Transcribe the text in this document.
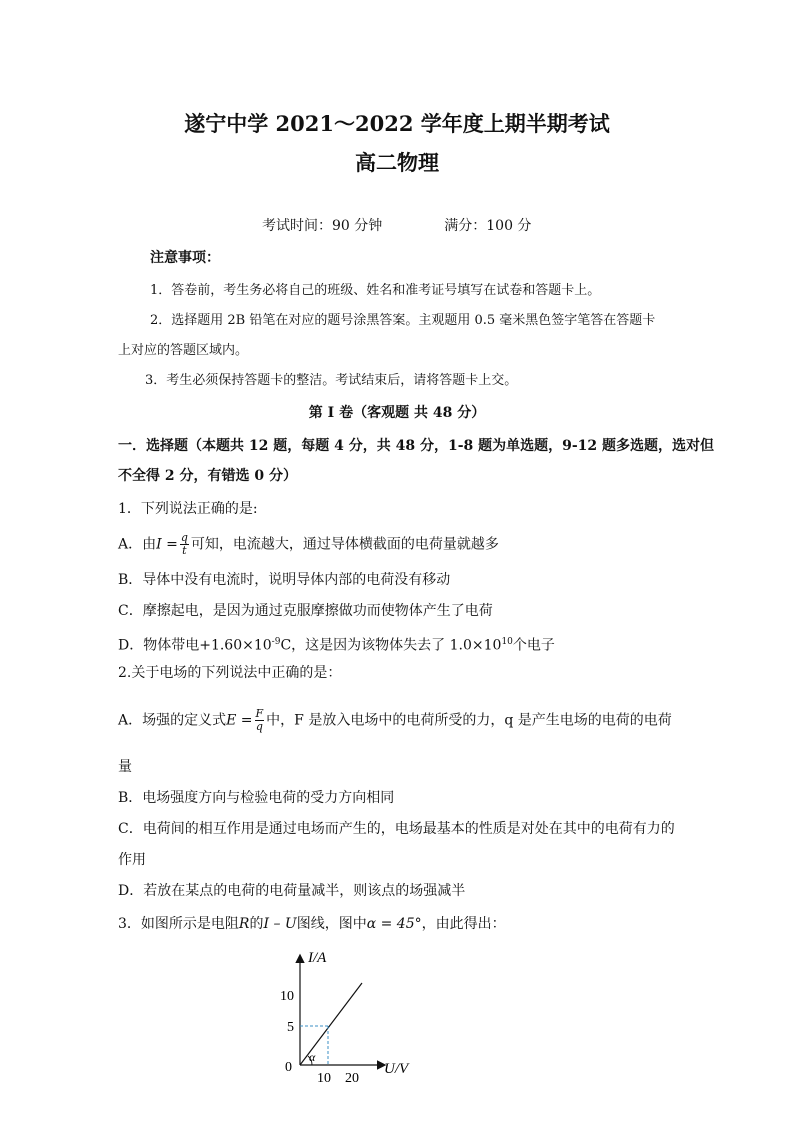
遂宁中学 2021～2022 学年度上期半期考试
高二物理
考试时间：90 分钟	满分：100 分
注意事项：
1．答卷前，考生务必将自己的班级、姓名和准考证号填写在试卷和答题卡上。
2．选择题用 2B 铅笔在对应的题号涂黑答案。主观题用 0.5 毫米黑色签字笔答在答题卡
上对应的答题区域内。
3．考生必须保持答题卡的整洁。考试结束后，请将答题卡上交。
第 Ⅰ 卷（客观题 共 48 分）
一．选择题（本题共 12 题，每题 4 分，共 48 分，1-8 题为单选题，9-12 题多选题，选对但
不全得 2 分，有错选 0 分）
1．下列说法正确的是:
A．由$I = \frac{q}{t}$ 可知，电流越大，通过导体横截面的电荷量就越多
B．导体中没有电流时，说明导体内部的电荷没有移动
C．摩擦起电，是因为通过克服摩擦做功而使物体产生了电荷
D．物体带电$+1.60\times 10^{-9}C$，这是因为该物体失去了 $1.0\times 10^{10}$个电子
2.关于电场的下列说法中正确的是：
A．场强的定义式$E = \frac{F}{q}$ 中，F 是放入电场中的电荷所受的力，q 是产生电场的电荷的电荷
量
B．电场强度方向与检验电荷的受力方向相同
C．电荷间的相互作用是通过电场而产生的，电场最基本的性质是对处在其中的电荷有力的
作用
D．若放在某点的电荷的电荷量减半，则该点的场强减半
3．如图所示是电阻R的I – U图线，图中α = 45°，由此得出：
I/A
U/V
10
5
0
10 20
α
